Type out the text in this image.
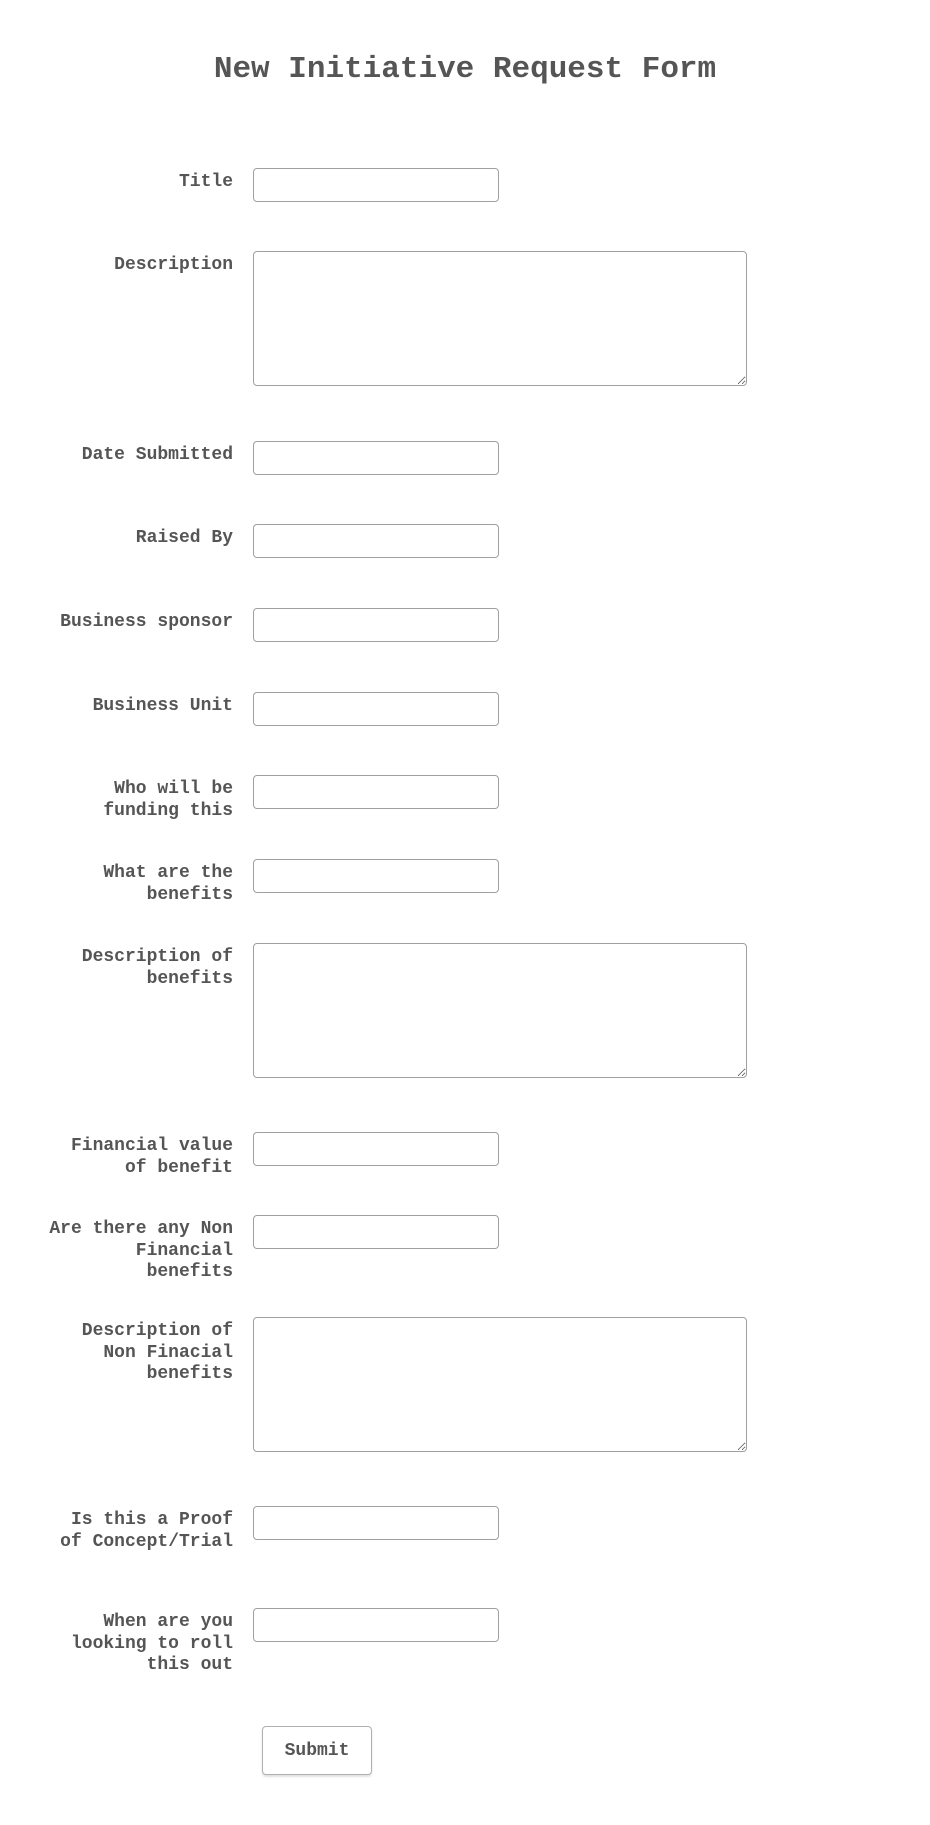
New Initiative Request Form
Title
Description
Date Submitted
Raised By
Business sponsor
Business Unit
Who will be funding this
What are the benefits
Description of benefits
Financial value of benefit
Are there any Non Financial benefits
Description of Non Finacial benefits
Is this a Proof of Concept/Trial
When are you looking to roll this out
Submit
